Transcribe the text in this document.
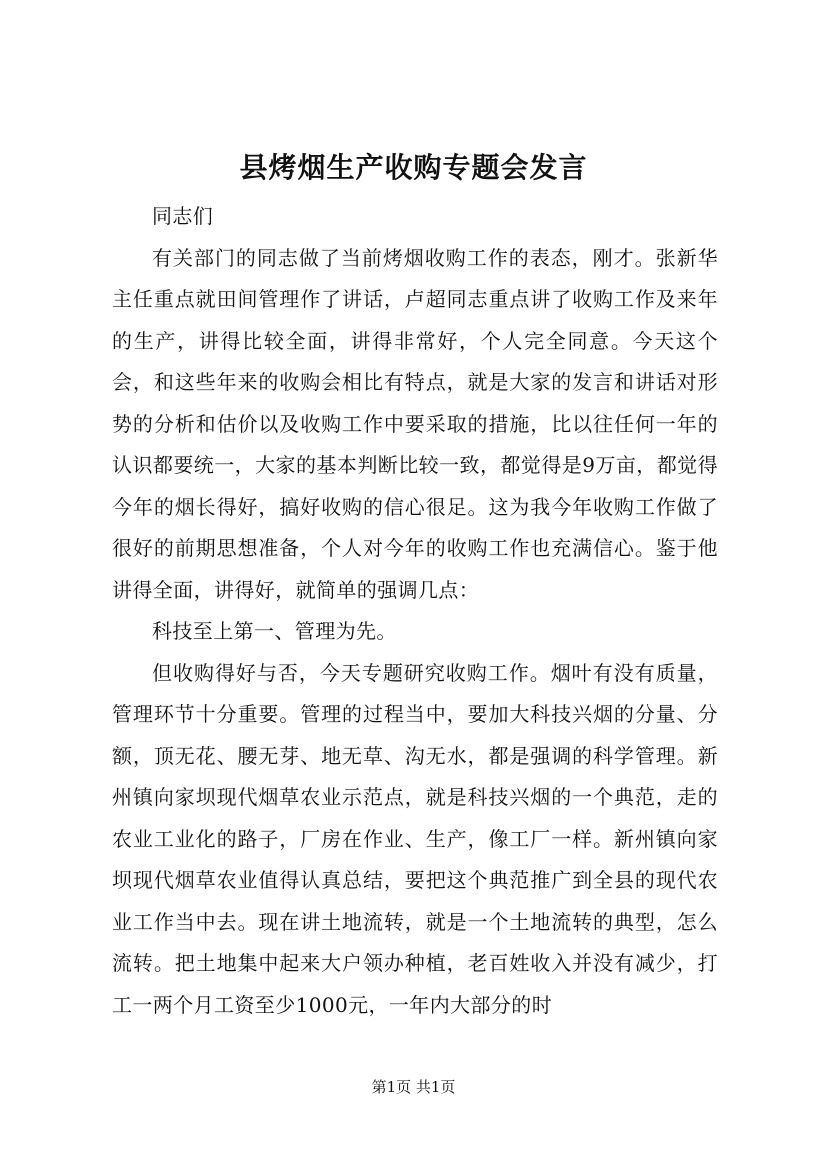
县烤烟生产收购专题会发言

同志们

有关部门的同志做了当前烤烟收购工作的表态，刚才。张新华主任重点就田间管理作了讲话，卢超同志重点讲了收购工作及来年的生产，讲得比较全面，讲得非常好，个人完全同意。今天这个会，和这些年来的收购会相比有特点，就是大家的发言和讲话对形势的分析和估价以及收购工作中要采取的措施，比以往任何一年的认识都要统一，大家的基本判断比较一致，都觉得是9万亩，都觉得今年的烟长得好，搞好收购的信心很足。这为我今年收购工作做了很好的前期思想准备，个人对今年的收购工作也充满信心。鉴于他讲得全面，讲得好，就简单的强调几点：

科技至上第一、管理为先。

但收购得好与否，今天专题研究收购工作。烟叶有没有质量，管理环节十分重要。管理的过程当中，要加大科技兴烟的分量、分额，顶无花、腰无芽、地无草、沟无水，都是强调的科学管理。新州镇向家坝现代烟草农业示范点，就是科技兴烟的一个典范，走的农业工业化的路子，厂房在作业、生产，像工厂一样。新州镇向家坝现代烟草农业值得认真总结，要把这个典范推广到全县的现代农业工作当中去。现在讲土地流转，就是一个土地流转的典型，怎么流转。把土地集中起来大户领办种植，老百姓收入并没有减少，打工一两个月工资至少1000元，一年内大部分的时

第1页 共1页
